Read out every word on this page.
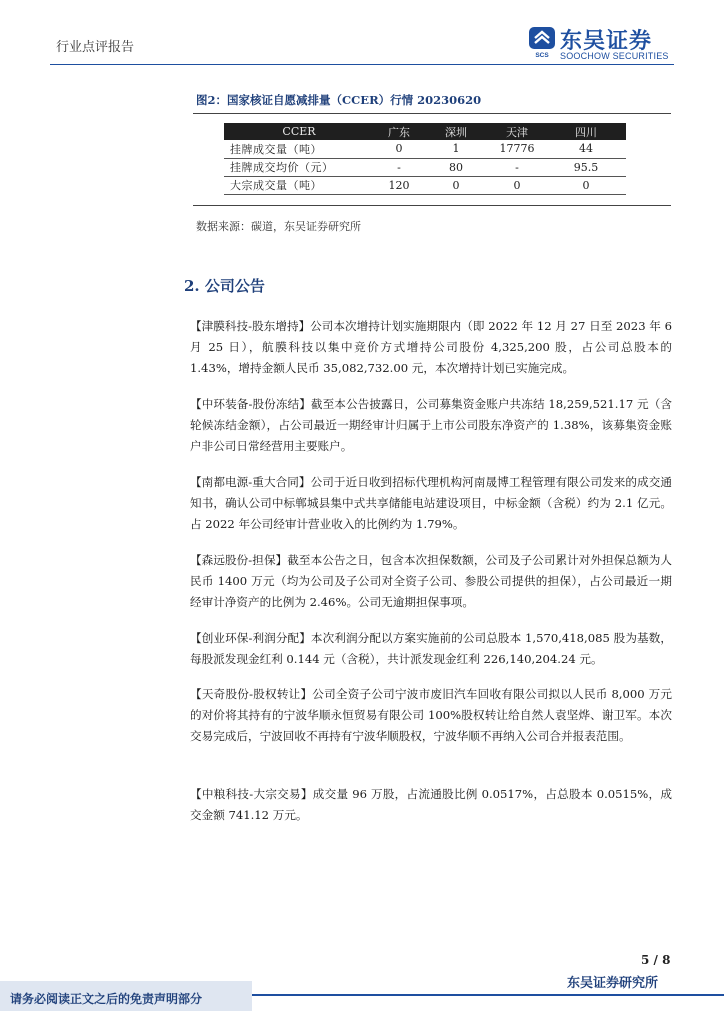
行业点评报告
SCS
东吴证券
SOOCHOW SECURITIES
图2：国家核证自愿减排量（CCER）行情 20230620
CCER	广东	深圳	天津	四川
挂牌成交量（吨）	0	1	17776	44
挂牌成交均价（元）	-	80	-	95.5
大宗成交量（吨）	120	0	0	0
数据来源：碳道，东吴证券研究所
2. 公司公告

【津膜科技-股东增持】公司本次增持计划实施期限内（即 2022 年 12 月 27 日至 2023 年 6 月 25 日），航膜科技以集中竞价方式增持公司股份 4,325,200 股，占公司总股本的 1.43%，增持金额人民币 35,082,732.00 元，本次增持计划已实施完成。

【中环装备-股份冻结】截至本公告披露日，公司募集资金账户共冻结 18,259,521.17 元（含轮候冻结金额），占公司最近一期经审计归属于上市公司股东净资产的 1.38%，该募集资金账户非公司日常经营用主要账户。

【南都电源-重大合同】公司于近日收到招标代理机构河南晟博工程管理有限公司发来的成交通知书，确认公司中标郸城县集中式共享储能电站建设项目，中标金额（含税）约为 2.1 亿元。占 2022 年公司经审计营业收入的比例约为 1.79%。

【森远股份-担保】截至本公告之日，包含本次担保数额，公司及子公司累计对外担保总额为人民币 1400 万元（均为公司及子公司对全资子公司、参股公司提供的担保），占公司最近一期经审计净资产的比例为 2.46%。公司无逾期担保事项。

【创业环保-利润分配】本次利润分配以方案实施前的公司总股本 1,570,418,085 股为基数，每股派发现金红利 0.144 元（含税），共计派发现金红利 226,140,204.24 元。

【天奇股份-股权转让】公司全资子公司宁波市废旧汽车回收有限公司拟以人民币 8,000 万元的对价将其持有的宁波华顺永恒贸易有限公司 100%股权转让给自然人袁坚烨、谢卫军。本次交易完成后，宁波回收不再持有宁波华顺股权，宁波华顺不再纳入公司合并报表范围。

【中粮科技-大宗交易】成交量 96 万股，占流通股比例 0.0517%，占总股本 0.0515%，成交金额 741.12 万元。

5 / 8
东吴证券研究所
请务必阅读正文之后的免责声明部分
